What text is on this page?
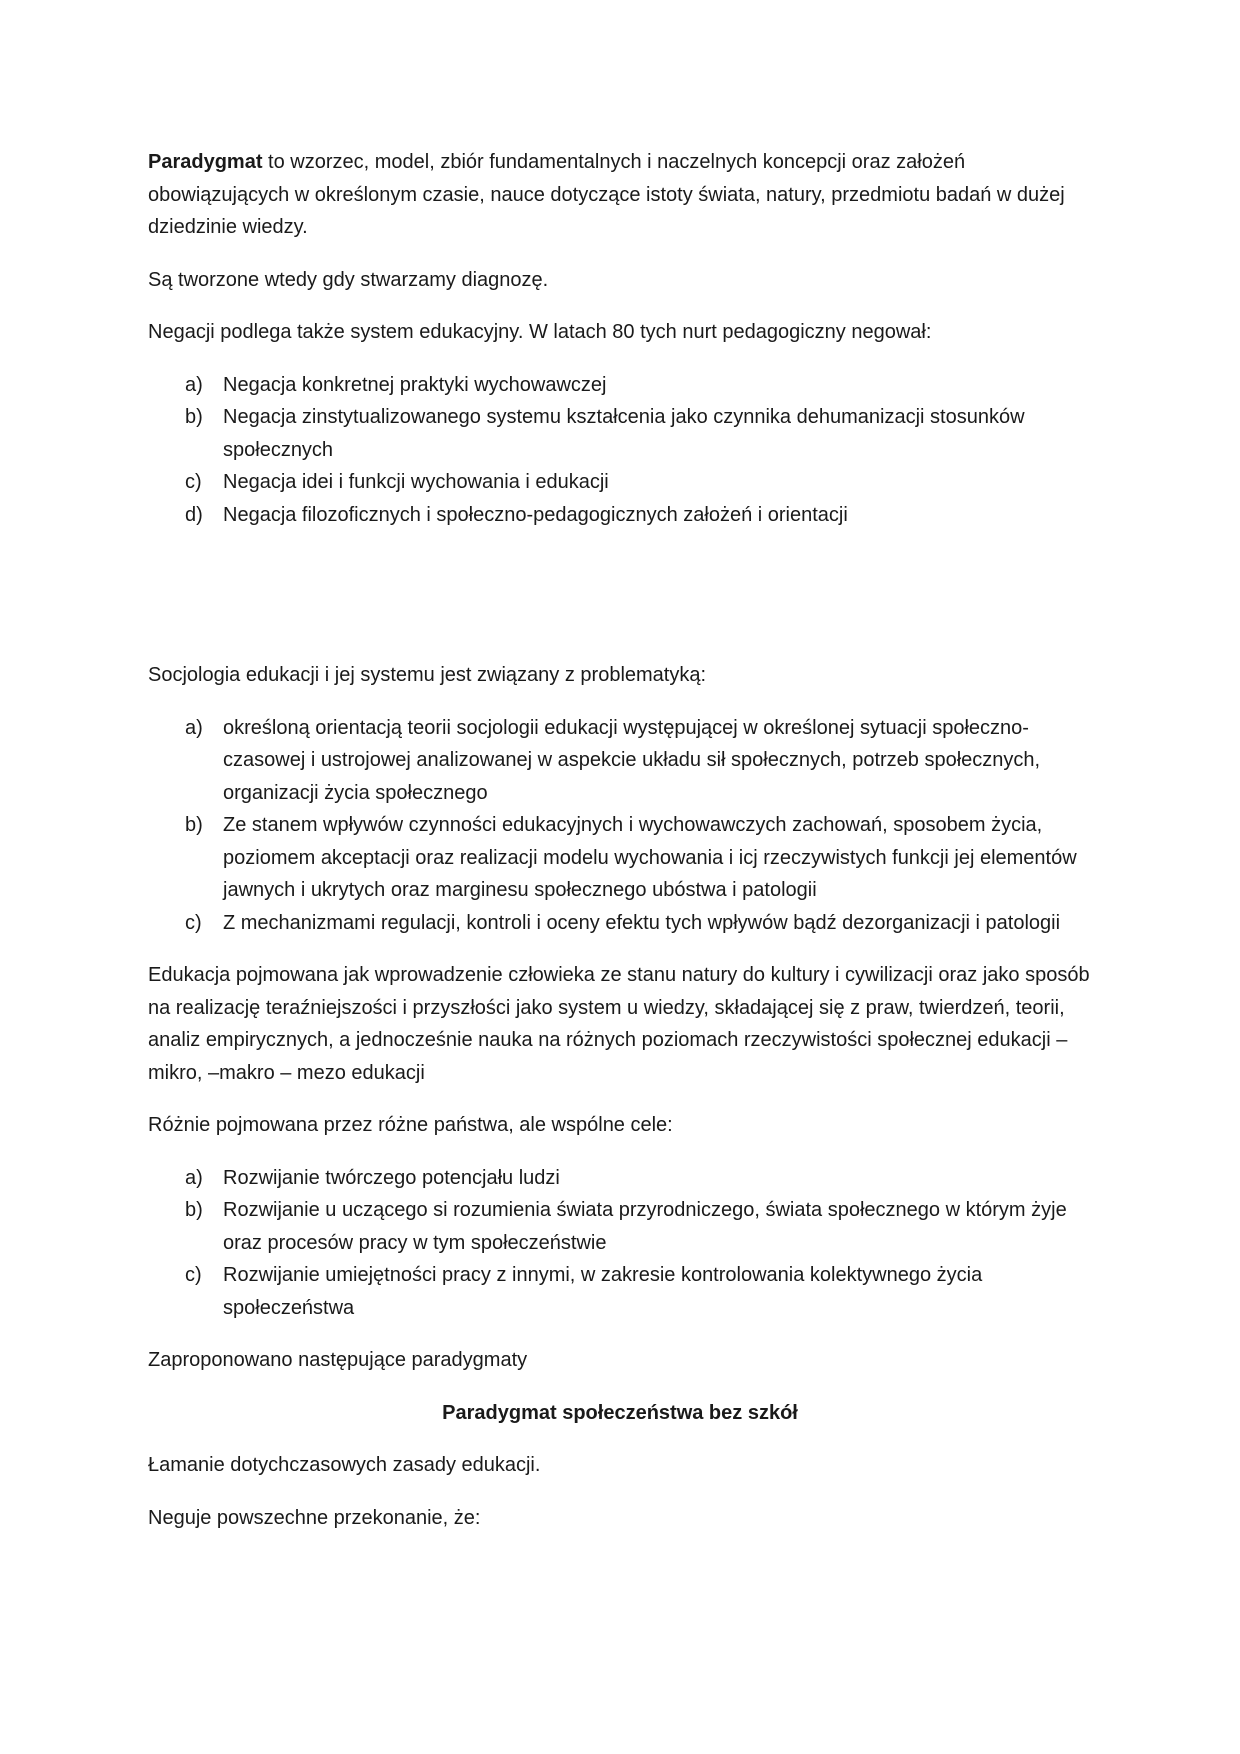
Paradygmat to wzorzec, model, zbiór fundamentalnych i naczelnych koncepcji oraz założeń obowiązujących w określonym czasie, nauce dotyczące istoty świata, natury, przedmiotu badań w dużej dziedzinie wiedzy.

Są tworzone wtedy gdy stwarzamy diagnozę.

Negacji podlega także system edukacyjny. W latach 80 tych nurt pedagogiczny negował:

a) Negacja konkretnej praktyki wychowawczej
b) Negacja zinstytualizowanego systemu kształcenia jako czynnika dehumanizacji stosunków społecznych
c) Negacja idei i funkcji wychowania i edukacji
d) Negacja filozoficznych i społeczno-pedagogicznych założeń i orientacji

Socjologia edukacji i jej systemu jest związany z problematyką:

a) określoną orientacją teorii socjologii edukacji występującej w określonej sytuacji społeczno-czasowej i ustrojowej analizowanej w aspekcie układu sił społecznych, potrzeb społecznych, organizacji życia społecznego
b) Ze stanem wpływów czynności edukacyjnych i wychowawczych zachowań, sposobem życia, poziomem akceptacji oraz realizacji modelu wychowania i icj rzeczywistych funkcji jej elementów jawnych i ukrytych oraz marginesu społecznego ubóstwa i patologii
c) Z mechanizmami regulacji, kontroli i oceny efektu tych wpływów bądź dezorganizacji i patologii

Edukacja pojmowana jak wprowadzenie człowieka ze stanu natury do kultury i cywilizacji oraz jako sposób na realizację teraźniejszości i przyszłości jako system u wiedzy, składającej się z praw, twierdzeń, teorii, analiz empirycznych, a jednocześnie nauka na różnych poziomach rzeczywistości społecznej edukacji – mikro, –makro – mezo edukacji

Różnie pojmowana przez różne państwa, ale wspólne cele:

a) Rozwijanie twórczego potencjału ludzi
b) Rozwijanie u uczącego si rozumienia świata przyrodniczego, świata społecznego w którym żyje oraz procesów pracy w tym społeczeństwie
c) Rozwijanie umiejętności pracy z innymi, w zakresie kontrolowania kolektywnego życia społeczeństwa

Zaproponowano następujące paradygmaty

Paradygmat społeczeństwa bez szkół

Łamanie dotychczasowych zasady edukacji.

Neguje powszechne przekonanie, że:
